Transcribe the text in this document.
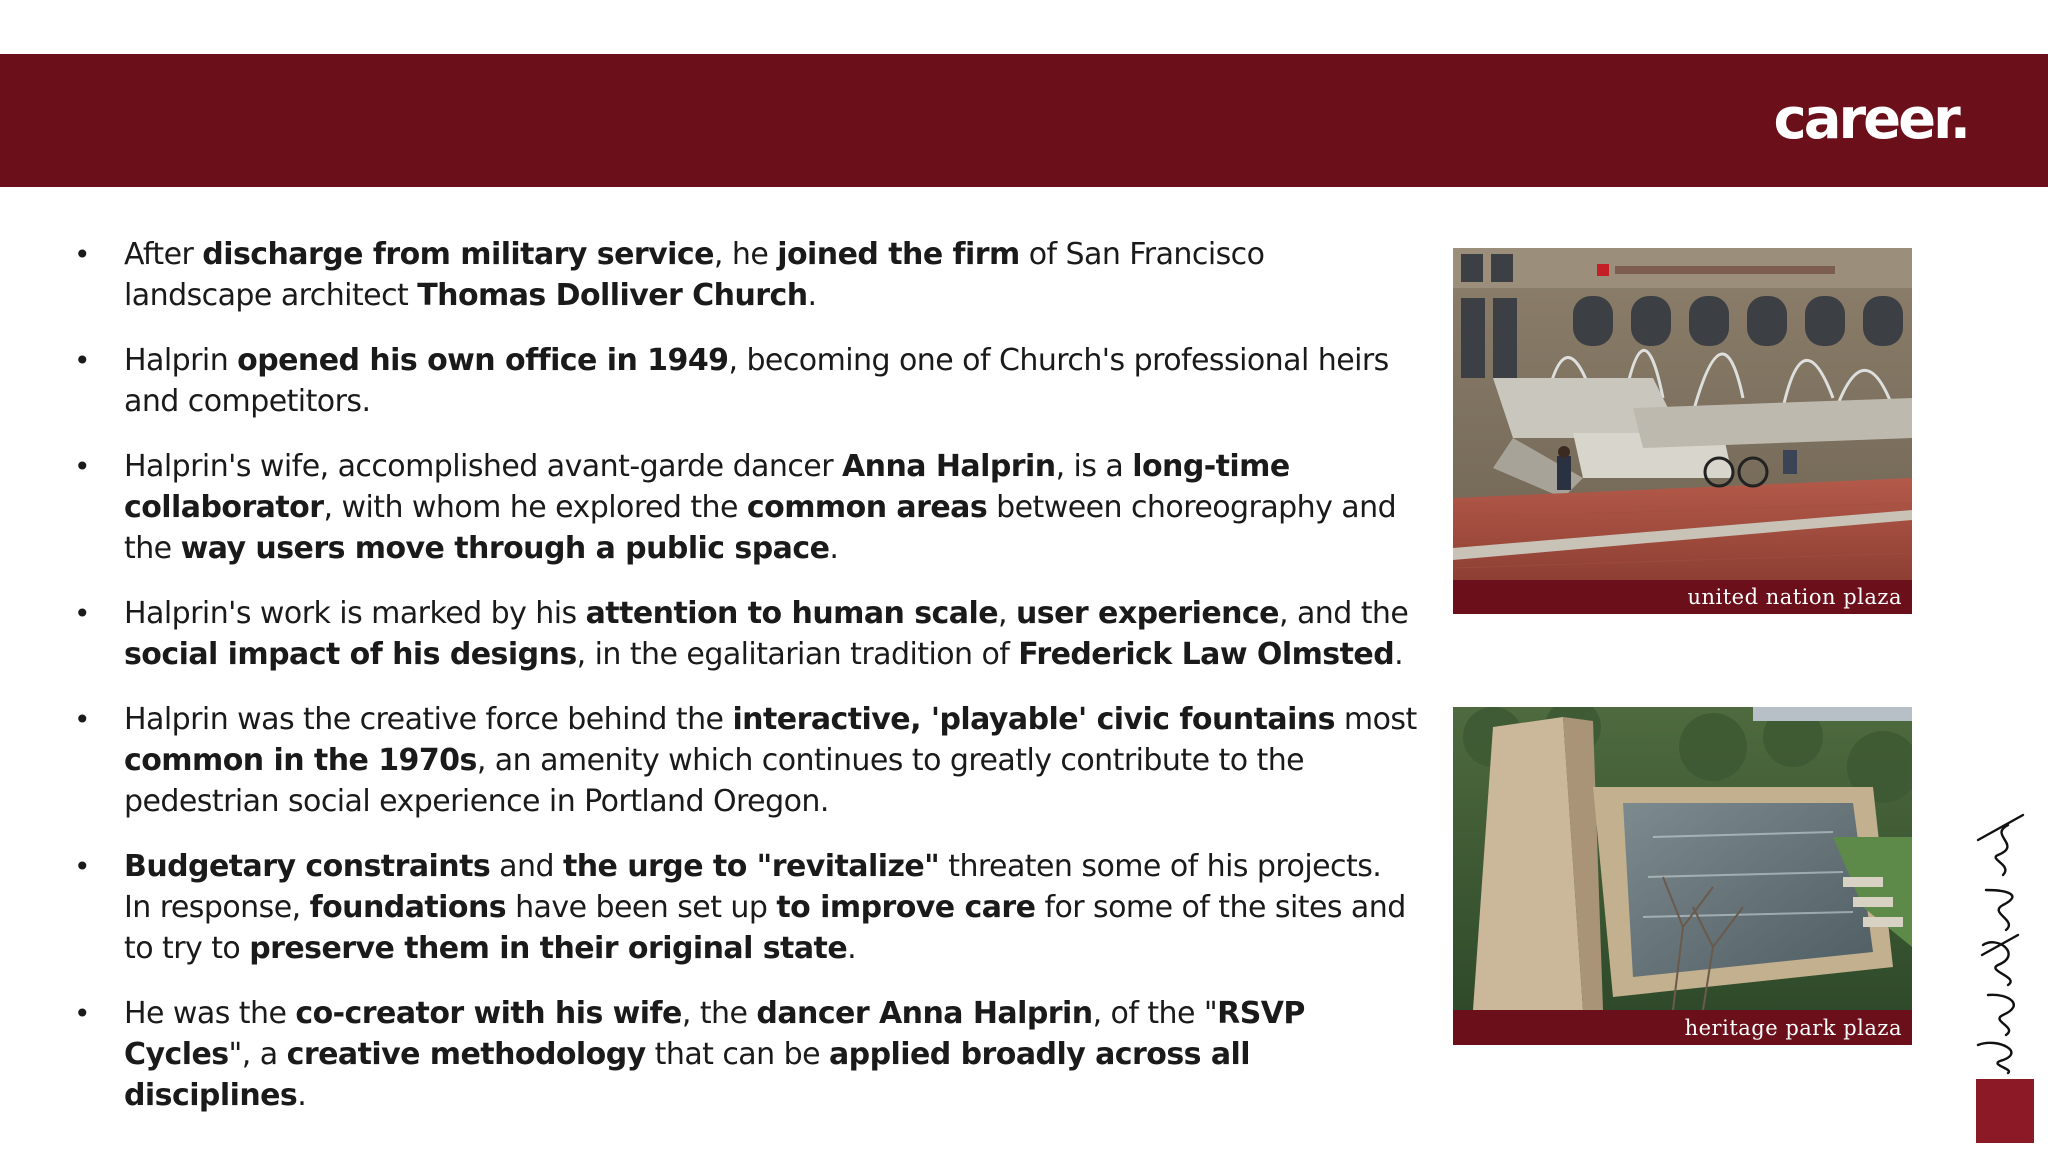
career.
• After discharge from military service, he joined the firm of San Francisco landscape architect Thomas Dolliver Church.
• Halprin opened his own office in 1949, becoming one of Church's professional heirs and competitors.
• Halprin's wife, accomplished avant-garde dancer Anna Halprin, is a long-time collaborator, with whom he explored the common areas between choreography and the way users move through a public space.
• Halprin's work is marked by his attention to human scale, user experience, and the social impact of his designs, in the egalitarian tradition of Frederick Law Olmsted.
• Halprin was the creative force behind the interactive, 'playable' civic fountains most common in the 1970s, an amenity which continues to greatly contribute to the pedestrian social experience in Portland Oregon.
• Budgetary constraints and the urge to "revitalize" threaten some of his projects. In response, foundations have been set up to improve care for some of the sites and to try to preserve them in their original state.
• He was the co-creator with his wife, the dancer Anna Halprin, of the "RSVP Cycles", a creative methodology that can be applied broadly across all disciplines.
united nation plaza
heritage park plaza
